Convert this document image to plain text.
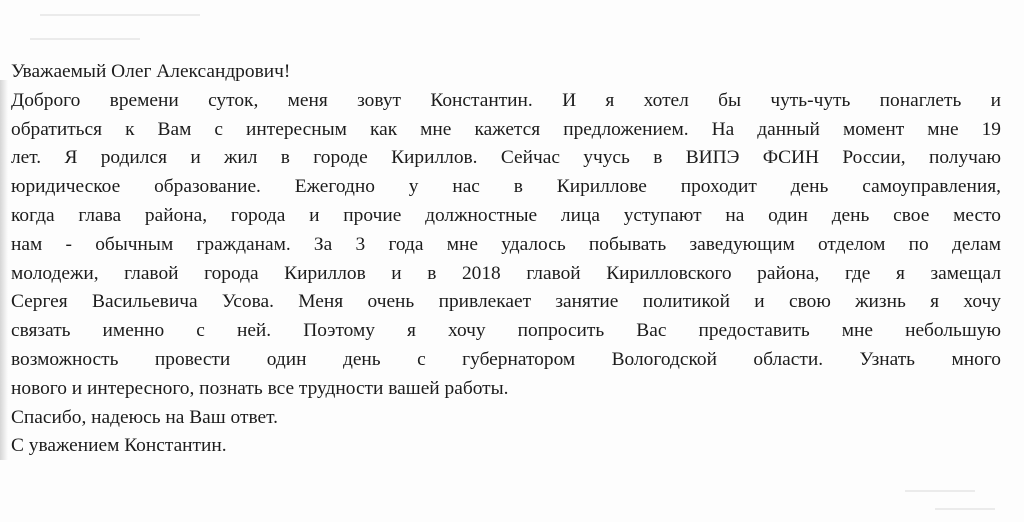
Уважаемый Олег Александрович!
Доброго времени суток, меня зовут Константин. И я хотел бы чуть-чуть понаглеть и
обратиться к Вам с интересным как мне кажется предложением. На данный момент мне 19
лет. Я родился и жил в городе Кириллов. Сейчас учусь в ВИПЭ ФСИН России, получаю
юридическое образование. Ежегодно у нас в Кириллове проходит день самоуправления,
когда глава района, города и прочие должностные лица уступают на один день свое место
нам - обычным гражданам. За 3 года мне удалось побывать заведующим отделом по делам
молодежи, главой города Кириллов и в 2018 главой Кирилловского района, где я замещал
Сергея Васильевича Усова. Меня очень привлекает занятие политикой и свою жизнь я хочу
связать именно с ней. Поэтому я хочу попросить Вас предоставить мне небольшую
возможность провести один день с губернатором Вологодской области. Узнать много
нового и интересного, познать все трудности вашей работы.
Спасибо, надеюсь на Ваш ответ.
С уважением Константин.
